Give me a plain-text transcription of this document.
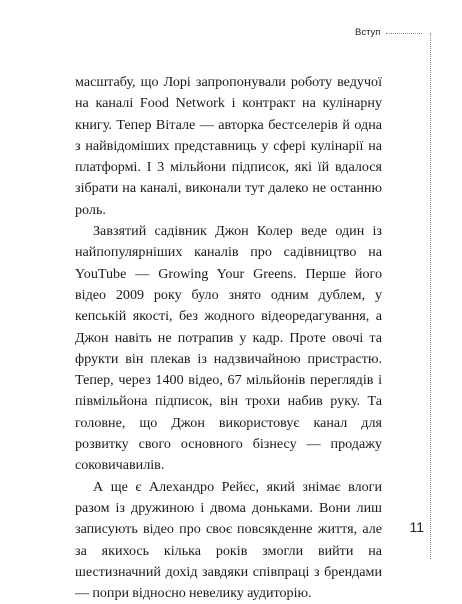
Вступ

масштабу, що Лорі запропонували роботу ведучої на каналі Food Network і контракт на кулінарну книгу. Тепер Вітале — авторка бестселерів й одна з найвідоміших представниць у сфері кулінарії на платформі. І 3 мільйони підписок, які їй вдалося зібрати на каналі, виконали тут далеко не останню роль.

Завзятий садівник Джон Колер веде один із найпопулярніших каналів про садівництво на YouTube — Growing Your Greens. Перше його відео 2009 року було знято одним дублем, у кепській якості, без жодного відеоредагування, а Джон навіть не потрапив у кадр. Проте овочі та фрукти він плекав із надзвичайною пристрастю. Тепер, через 1400 відео, 67 мільйонів переглядів і півмільйона підписок, він трохи набив руку. Та головне, що Джон використовує канал для розвитку свого основного бізнесу — продажу соковичавилів.

А ще є Алехандро Рейєс, який знімає влоги разом із дружиною і двома доньками. Вони лиш записують відео про своє повсякденне життя, але за якихось кілька років змогли вийти на шестизначний дохід завдяки співпраці з брендами — попри відносно невелику аудиторію.

11
